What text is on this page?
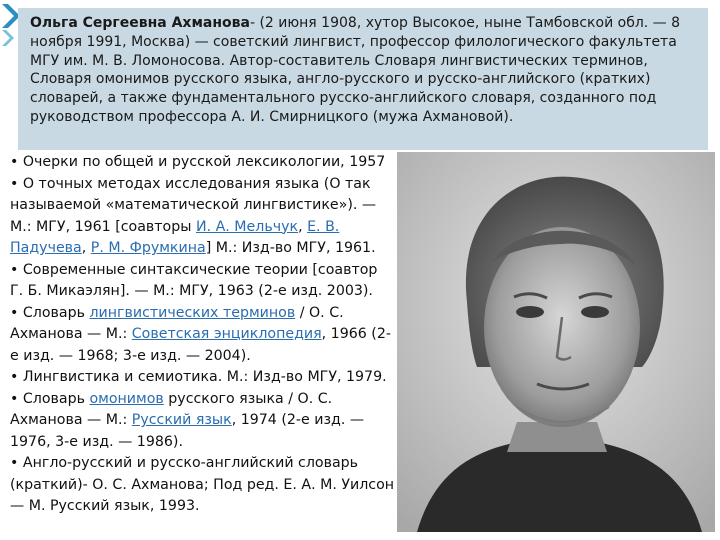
Ольга Сергеевна Ахманова- (2 июня 1908, хутор Высокое, ныне Тамбовской обл. — 8 ноября 1991, Москва) — советский лингвист, профессор филологического факультета МГУ им. М. В. Ломоносова. Автор-составитель Словаря лингвистических терминов, Словаря омонимов русского языка, англо-русского и русско-английского (кратких) словарей, а также фундаментального русско-английского словаря, созданного под руководством профессора А. И. Смирницкого (мужа Ахмановой).
• Очерки по общей и русской лексикологии, 1957
• О точных методах исследования языка (О так называемой «математической лингвистике»). — М.: МГУ, 1961 [соавторы И. А. Мельчук, Е. В. Падучева, Р. М. Фрумкина] М.: Изд-во МГУ, 1961.
• Современные синтаксические теории [соавтор Г. Б. Микаэлян]. — М.: МГУ, 1963 (2-е изд. 2003).
• Словарь лингвистических терминов / О. С. Ахманова — М.: Советская энциклопедия, 1966 (2-е изд. — 1968; 3-е изд. — 2004).
• Лингвистика и семиотика. М.: Изд-во МГУ, 1979.
• Словарь омонимов русского языка / О. С. Ахманова — М.: Русский язык, 1974 (2-е изд. — 1976, 3-е изд. — 1986).
• Англо-русский и русско-английский словарь (краткий)- О. С. Ахманова; Под ред. Е. А. М. Уилсон — М. Русский язык, 1993.
